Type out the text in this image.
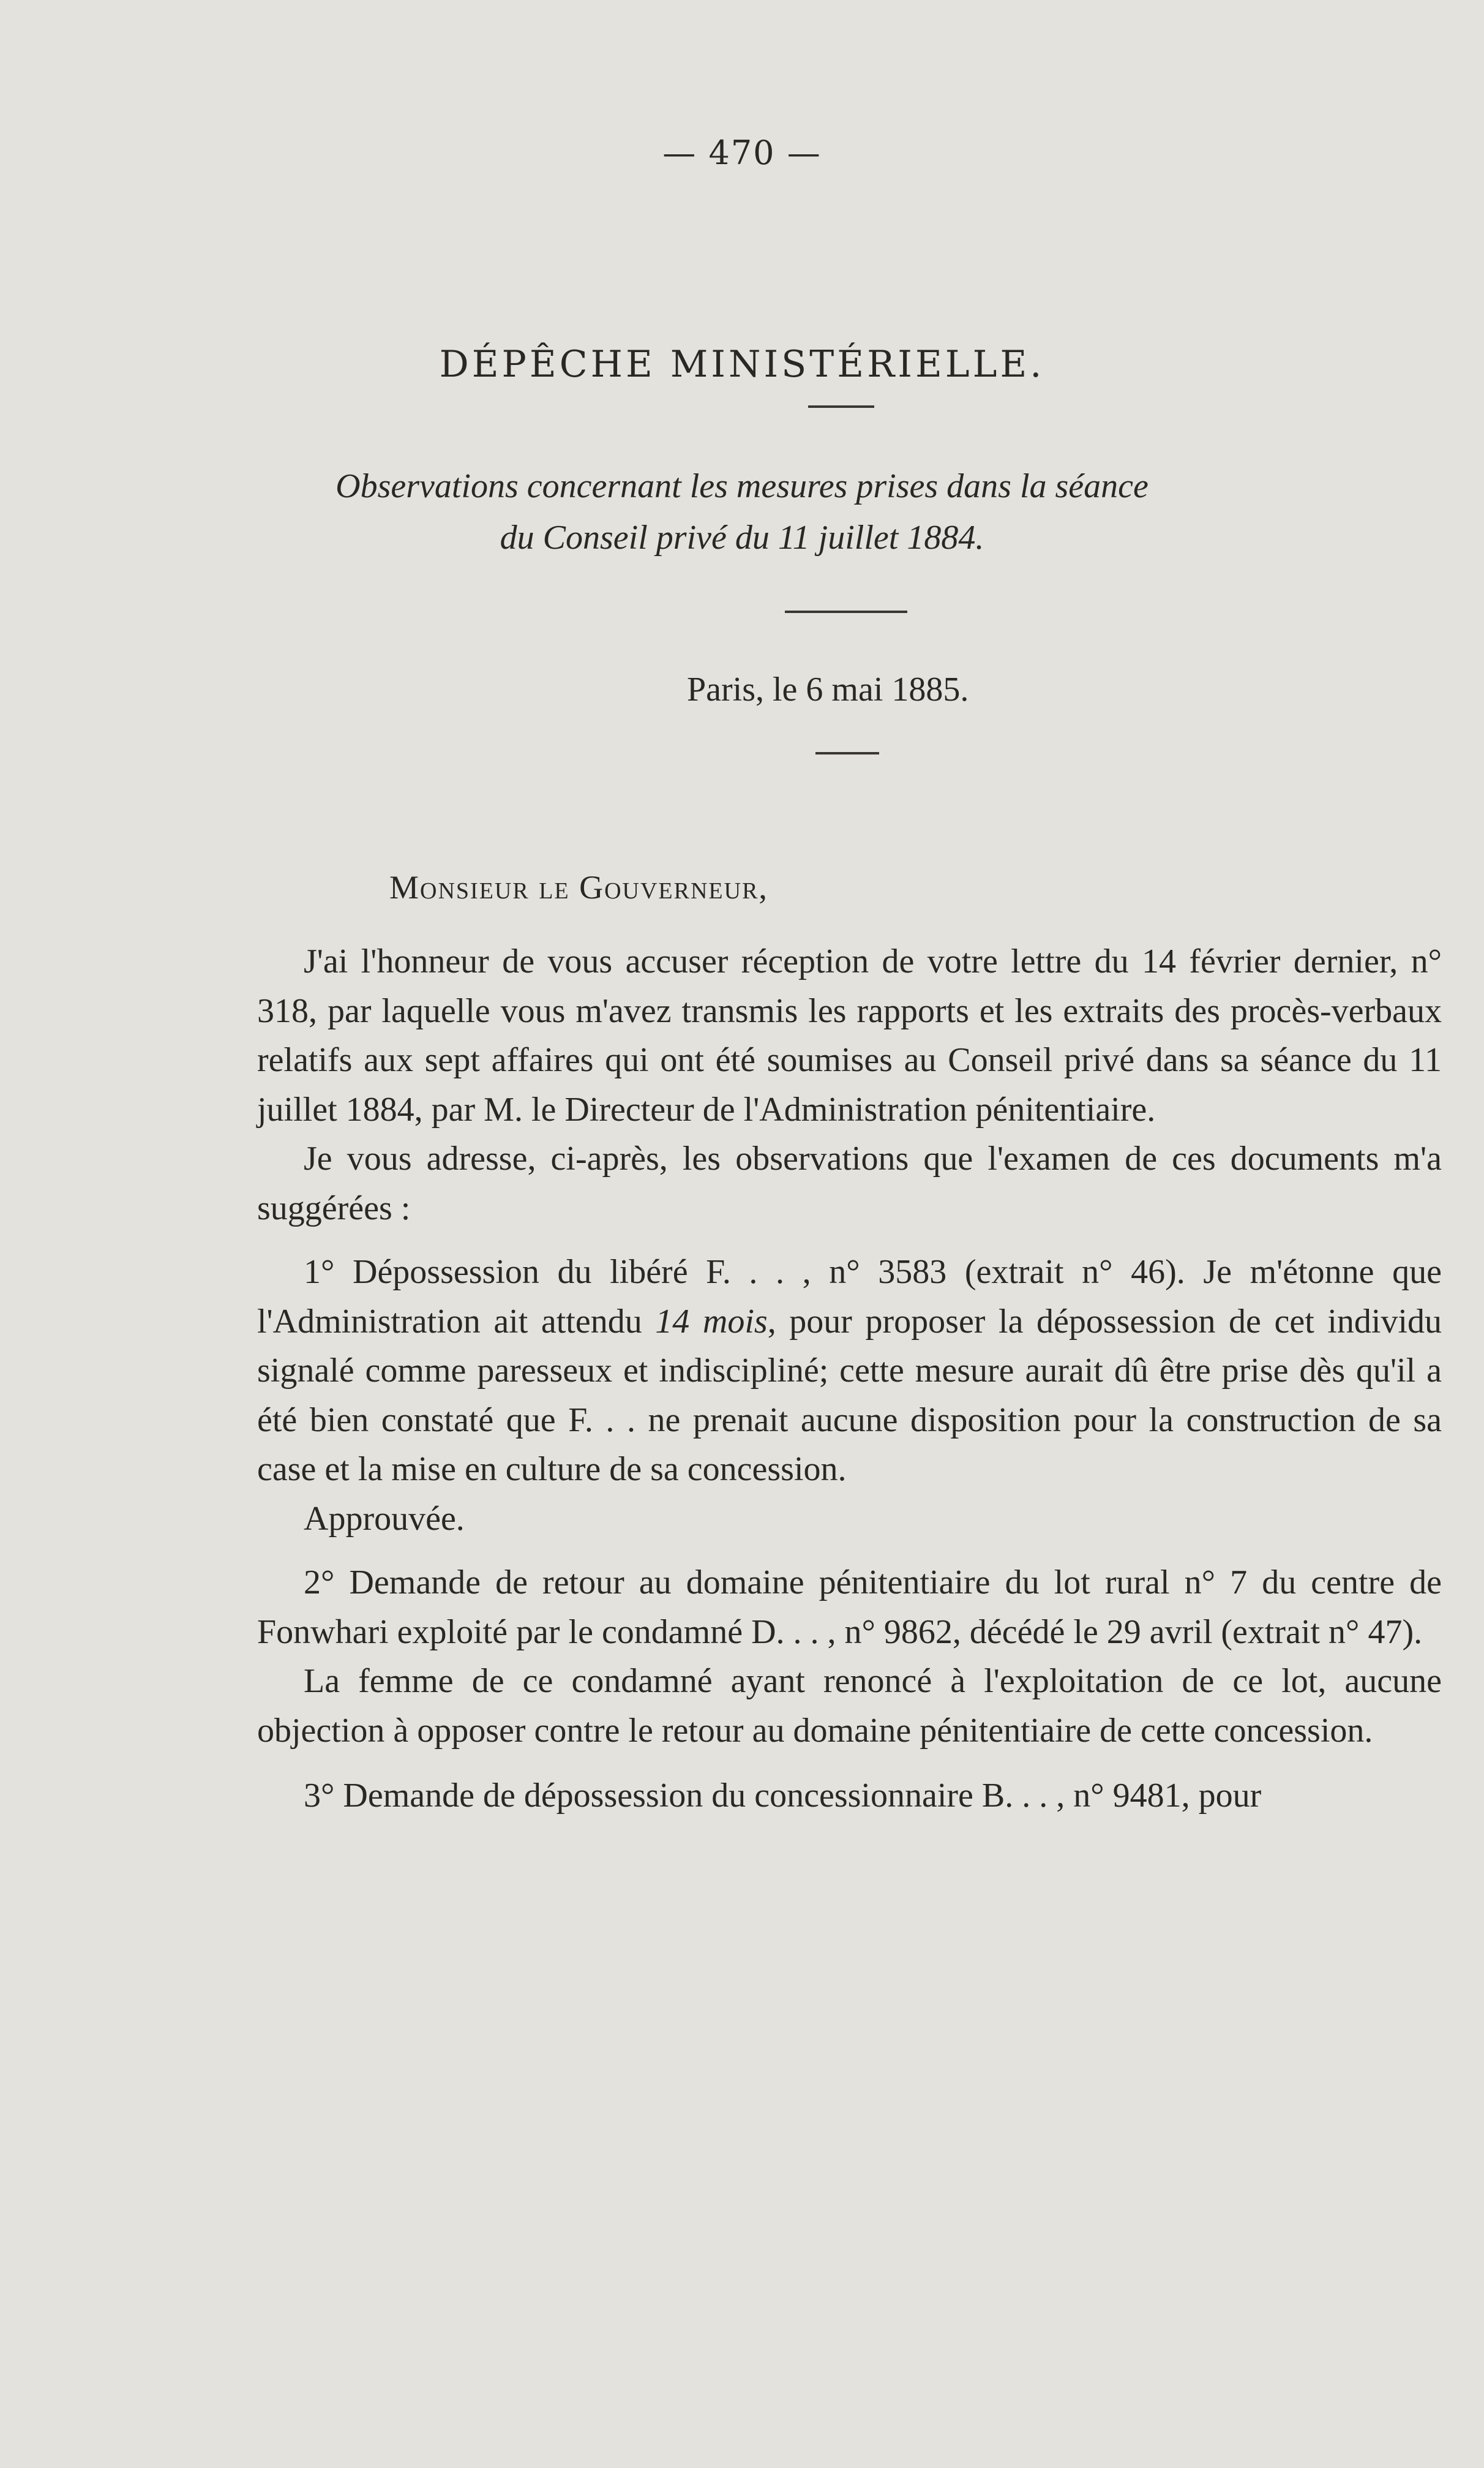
— 470 —
DÉPÊCHE MINISTÉRIELLE.
Observations concernant les mesures prises dans la séance
du Conseil privé du 11 juillet 1884.
Paris, le 6 mai 1885.
Monsieur le Gouverneur,

J'ai l'honneur de vous accuser réception de votre lettre du 14 février dernier, n° 318, par laquelle vous m'avez transmis les rapports et les extraits des procès-verbaux relatifs aux sept affaires qui ont été soumises au Conseil privé dans sa séance du 11 juillet 1884, par M. le Directeur de l'Administration pénitentiaire.

Je vous adresse, ci-après, les observations que l'examen de ces documents m'a suggérées :

1° Dépossession du libéré F. . . , n° 3583 (extrait n° 46). Je m'étonne que l'Administration ait attendu 14 mois, pour proposer la dépossession de cet individu signalé comme paresseux et indiscipliné; cette mesure aurait dû être prise dès qu'il a été bien constaté que F. . . ne prenait aucune disposition pour la construction de sa case et la mise en culture de sa concession.

Approuvée.

2° Demande de retour au domaine pénitentiaire du lot rural n° 7 du centre de Fonwhari exploité par le condamné D. . . , n° 9862, décédé le 29 avril (extrait n° 47).

La femme de ce condamné ayant renoncé à l'exploitation de ce lot, aucune objection à opposer contre le retour au domaine pénitentiaire de cette concession.

3° Demande de dépossession du concessionnaire B. . . , n° 9481, pour
